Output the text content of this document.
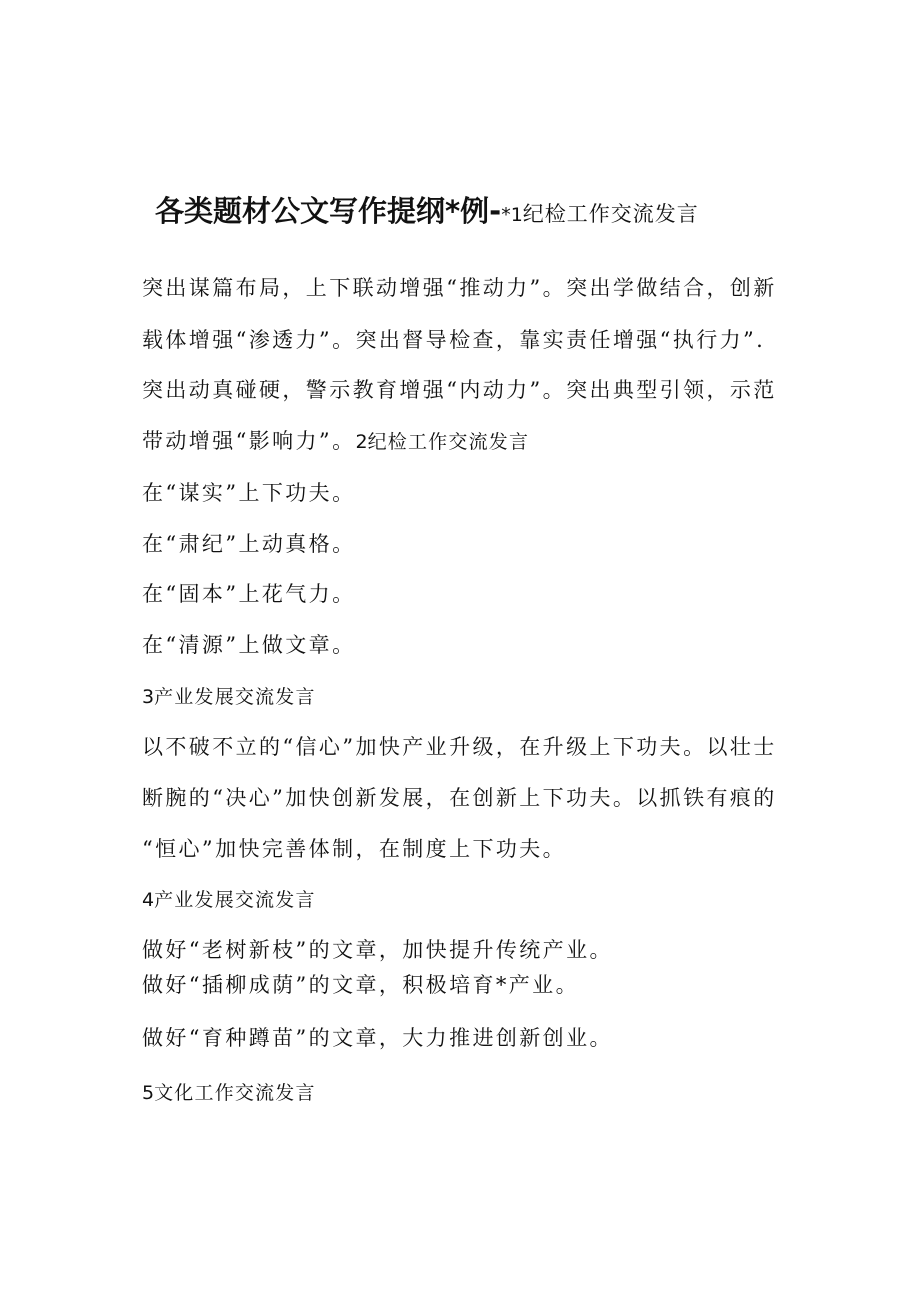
各类题材公文写作提纲*例-*1纪检工作交流发言
突出谋篇布局，上下联动增强“推动力”。突出学做结合，创新
载体增强“渗透力”。突出督导检查，靠实责任增强“执行力”.
突出动真碰硬，警示教育增强“内动力”。突出典型引领，示范
带动增强“影响力”。2纪检工作交流发言
在“谋实”上下功夫。
在“肃纪”上动真格。
在“固本”上花气力。
在“清源”上做文章。
3产业发展交流发言
以不破不立的“信心”加快产业升级，在升级上下功夫。以壮士
断腕的“决心”加快创新发展，在创新上下功夫。以抓铁有痕的
“恒心”加快完善体制，在制度上下功夫。
4产业发展交流发言
做好“老树新枝”的文章，加快提升传统产业。
做好“插柳成荫”的文章，积极培育*产业。
做好“育种蹲苗”的文章，大力推进创新创业。
5文化工作交流发言
